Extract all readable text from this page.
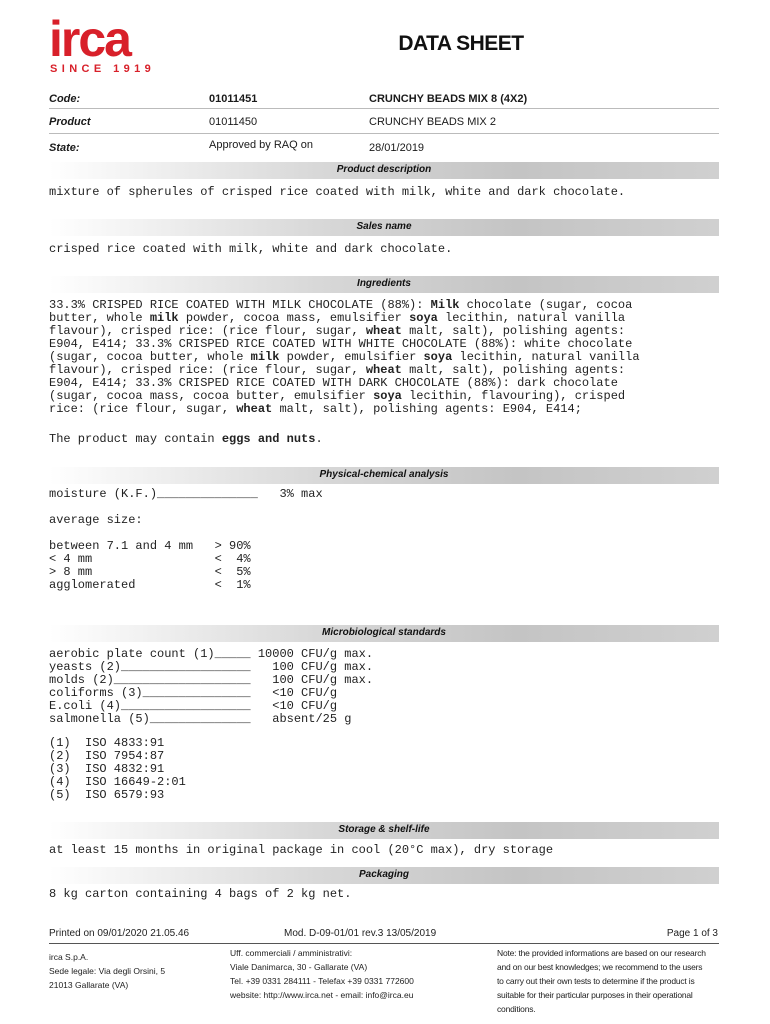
irca
SINCE 1919
DATA SHEET
Code:	01011451	CRUNCHY BEADS MIX 8 (4X2)
Product	01011450	CRUNCHY BEADS MIX 2
State:	Approved by RAQ on	28/01/2019
Product description
mixture of spherules of crisped rice coated with milk, white and dark chocolate.
Sales name
crisped rice coated with milk, white and dark chocolate.
Ingredients
33.3% CRISPED RICE COATED WITH MILK CHOCOLATE (88%): Milk chocolate (sugar, cocoa
butter, whole milk powder, cocoa mass, emulsifier soya lecithin, natural vanilla
flavour), crisped rice: (rice flour, sugar, wheat malt, salt), polishing agents:
E904, E414; 33.3% CRISPED RICE COATED WITH WHITE CHOCOLATE (88%): white chocolate
(sugar, cocoa butter, whole milk powder, emulsifier soya lecithin, natural vanilla
flavour), crisped rice: (rice flour, sugar, wheat malt, salt), polishing agents:
E904, E414; 33.3% CRISPED RICE COATED WITH DARK CHOCOLATE (88%): dark chocolate
(sugar, cocoa mass, cocoa butter, emulsifier soya lecithin, flavouring), crisped
rice: (rice flour, sugar, wheat malt, salt), polishing agents: E904, E414;
The product may contain eggs and nuts.
Physical-chemical analysis
moisture (K.F.)______________   3% max
average size:
between 7.1 and 4 mm   > 90%
< 4 mm                 <  4%
> 8 mm                 <  5%
agglomerated           <  1%
Microbiological standards
aerobic plate count (1)_____ 10000 CFU/g max.
yeasts (2)__________________   100 CFU/g max.
molds (2)___________________   100 CFU/g max.
coliforms (3)_______________   <10 CFU/g
E.coli (4)__________________   <10 CFU/g
salmonella (5)______________   absent/25 g
(1)  ISO 4833:91
(2)  ISO 7954:87
(3)  ISO 4832:91
(4)  ISO 16649-2:01
(5)  ISO 6579:93
Storage & shelf-life
at least 15 months in original package in cool (20°C max), dry storage
Packaging
8 kg carton containing 4 bags of 2 kg net.
Printed on 09/01/2020 21.05.46	Mod. D-09-01/01 rev.3 13/05/2019	Page 1 of 3
irca S.p.A.
Sede legale: Via degli Orsini, 5
21013 Gallarate (VA)
Uff. commerciali / amministrativi:
Viale Danimarca, 30 - Gallarate (VA)
Tel. +39 0331 284111 - Telefax +39 0331 772600
website: http://www.irca.net - email: info@irca.eu
Note: the provided informations are based on our research
and on our best knowledges; we recommend to the users
to carry out their own tests to determine if the product is
suitable for their particular purposes in their operational
conditions.
